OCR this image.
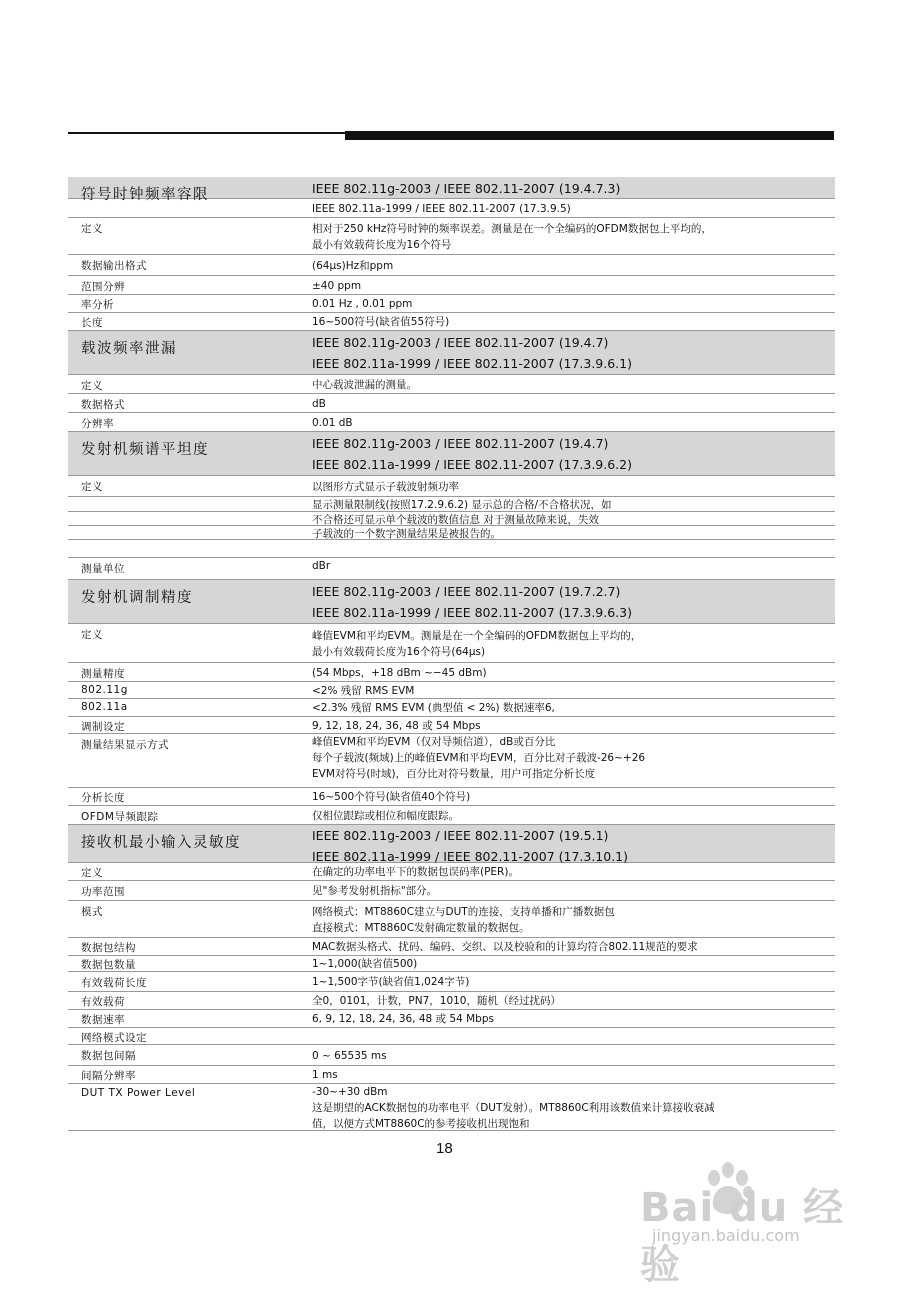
符号时钟频率容限	IEEE 802.11g-2003 / IEEE 802.11-2007 (19.4.7.3)
IEEE 802.11a-1999 / IEEE 802.11-2007 (17.3.9.5)
定义	相对于250 kHz符号时钟的频率误差。测量是在一个全编码的OFDM数据包上平均的，
最小有效载荷长度为16个符号
数据输出格式	(64µs)Hz和ppm
范围分辨	±40 ppm
率分析	0.01 Hz , 0.01 ppm
长度	16~500符号(缺省值55符号)
载波频率泄漏	IEEE 802.11g-2003 / IEEE 802.11-2007 (19.4.7)
IEEE 802.11a-1999 / IEEE 802.11-2007 (17.3.9.6.1)
定义	中心载波泄漏的测量。
数据格式	dB
分辨率	0.01 dB
发射机频谱平坦度	IEEE 802.11g-2003 / IEEE 802.11-2007 (19.4.7)
IEEE 802.11a-1999 / IEEE 802.11-2007 (17.3.9.6.2)
定义	以图形方式显示子载波射频功率
显示测量限制线(按照17.2.9.6.2) 显示总的合格/不合格状况，如
不合格还可显示单个载波的数值信息 对于测量故障来说，失效
子载波的一个数字测量结果是被报告的。
测量单位	dBr
发射机调制精度	IEEE 802.11g-2003 / IEEE 802.11-2007 (19.7.2.7)
IEEE 802.11a-1999 / IEEE 802.11-2007 (17.3.9.6.3)
定义	峰值EVM和平均EVM。测量是在一个全编码的OFDM数据包上平均的，
最小有效载荷长度为16个符号(64µs)
测量精度	(54 Mbps，+18 dBm ~−45 dBm)
802.11g	<2% 残留 RMS EVM
802.11a	<2.3% 残留 RMS EVM (典型值 < 2%) 数据速率6,
调制设定	9, 12, 18, 24, 36, 48 或 54 Mbps
测量结果显示方式	峰值EVM和平均EVM（仅对导频信道），dB或百分比
每个子载波(频域)上的峰值EVM和平均EVM，百分比对子载波-26~+26
EVM对符号(时域)，百分比对符号数量，用户可指定分析长度
分析长度	16~500个符号(缺省值40个符号)
OFDM导频跟踪	仅相位跟踪或相位和幅度跟踪。
接收机最小输入灵敏度	IEEE 802.11g-2003 / IEEE 802.11-2007 (19.5.1)
IEEE 802.11a-1999 / IEEE 802.11-2007 (17.3.10.1)
定义	在确定的功率电平下的数据包误码率(PER)。
功率范围	见"参考发射机指标"部分。
模式	网络模式：MT8860C建立与DUT的连接，支持单播和广播数据包
直接模式：MT8860C发射确定数量的数据包。
数据包结构	MAC数据头格式、扰码、编码、交织、以及校验和的计算均符合802.11规范的要求
数据包数量	1~1,000(缺省值500)
有效载荷长度	1~1,500字节(缺省值1,024字节)
有效载荷	全0，0101，计数，PN7，1010，随机（经过扰码）
数据速率	6, 9, 12, 18, 24, 36, 48 或 54 Mbps
网络模式设定
数据包间隔	0 ~ 65535 ms
间隔分辨率	1 ms
DUT TX Power Level	-30~+30 dBm
这是期望的ACK数据包的功率电平（DUT发射）。MT8860C利用该数值来计算接收衰减
值，以便方式MT8860C的参考接收机出现饱和
18
Bai du 经验
jingyan.baidu.com
